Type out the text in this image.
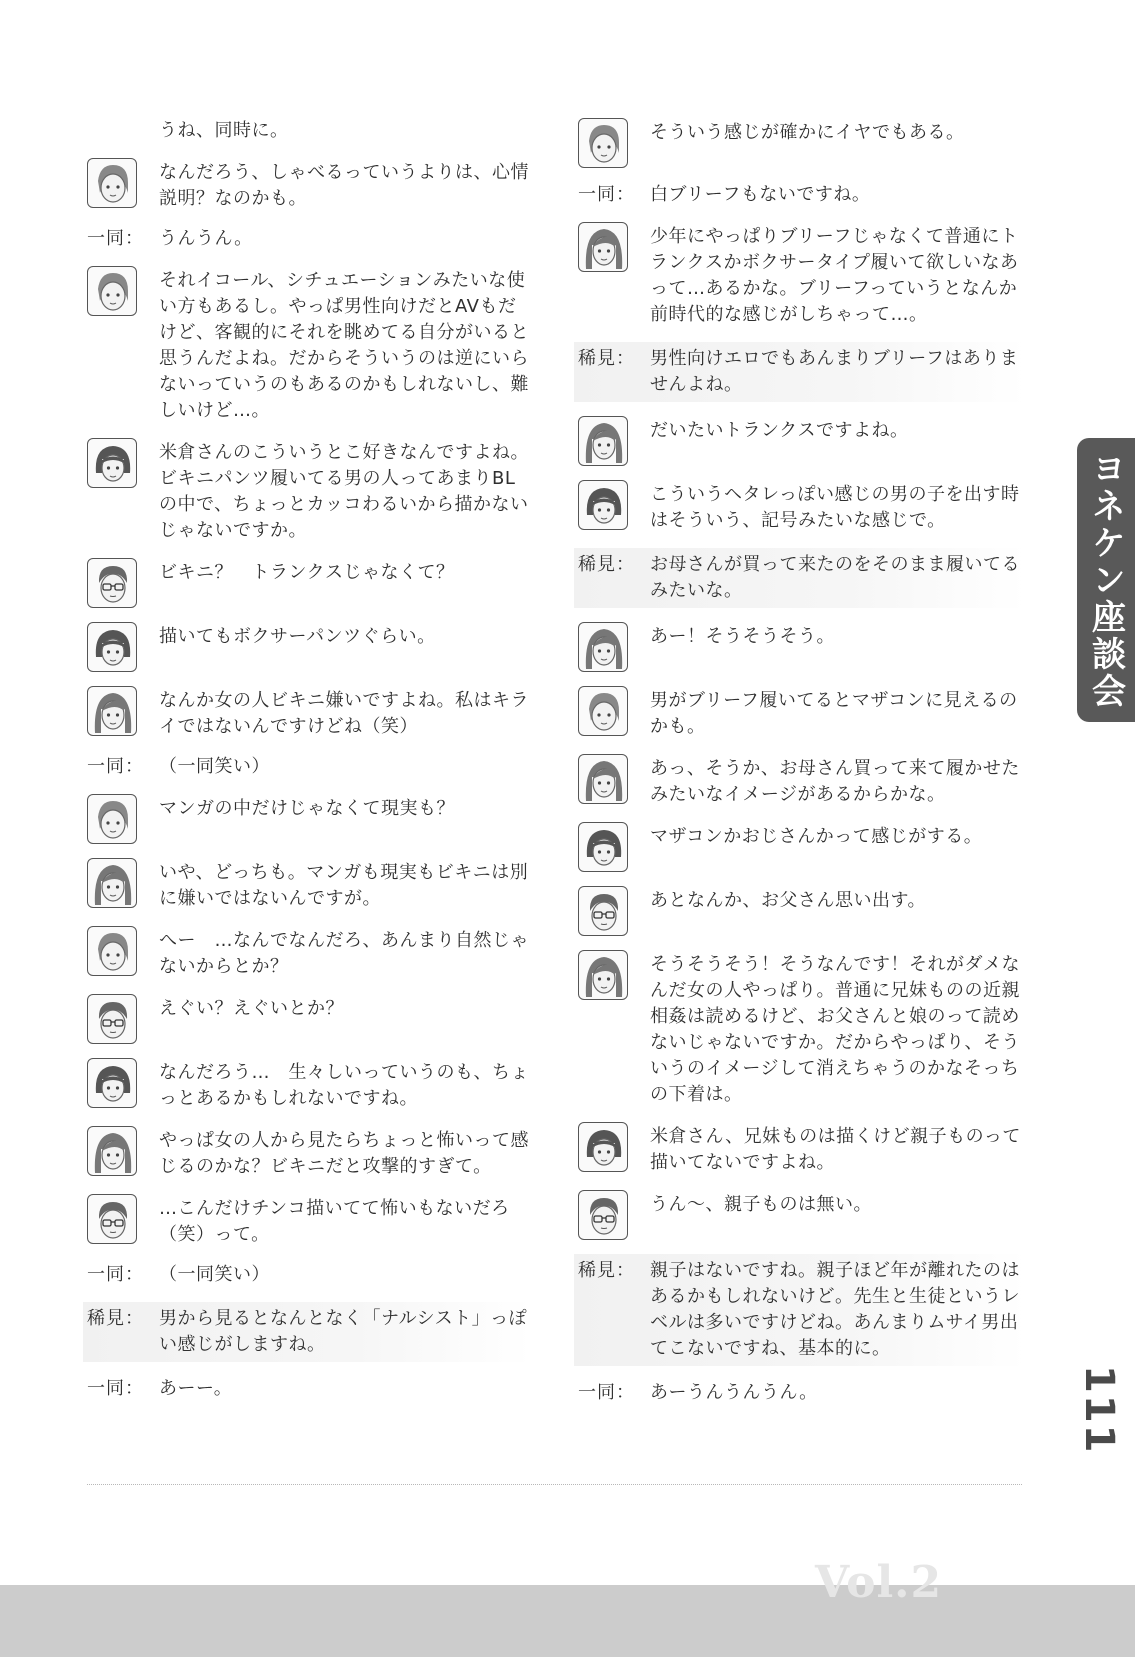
うね、同時に。
なんだろう、しゃべるっていうよりは、心情説明？なのかも。
一同： うんうん。
それイコール、シチュエーションみたいな使い方もあるし。やっぱ男性向けだとAVもだけど、客観的にそれを眺めてる自分がいると思うんだよね。だからそういうのは逆にいらないっていうのもあるのかもしれないし、難しいけど…。
米倉さんのこういうとこ好きなんですよね。ビキニパンツ履いてる男の人ってあまりBLの中で、ちょっとカッコわるいから描かないじゃないですか。
ビキニ？　トランクスじゃなくて？
描いてもボクサーパンツぐらい。
なんか女の人ビキニ嫌いですよね。私はキライではないんですけどね（笑）
一同： （一同笑い）
マンガの中だけじゃなくて現実も？
いや、どっちも。マンガも現実もビキニは別に嫌いではないんですが。
へー　…なんでなんだろ、あんまり自然じゃないからとか？
えぐい？えぐいとか？
なんだろう…　生々しいっていうのも、ちょっとあるかもしれないですね。
やっぱ女の人から見たらちょっと怖いって感じるのかな？ビキニだと攻撃的すぎて。
…こんだけチンコ描いてて怖いもないだろ（笑）って。
一同： （一同笑い）
稀見： 男から見るとなんとなく「ナルシスト」っぽい感じがしますね。
一同： あーー。
そういう感じが確かにイヤでもある。
一同： 白ブリーフもないですね。
少年にやっぱりブリーフじゃなくて普通にトランクスかボクサータイプ履いて欲しいなあって…あるかな。ブリーフっていうとなんか前時代的な感じがしちゃって…。
稀見： 男性向けエロでもあんまりブリーフはありませんよね。
だいたいトランクスですよね。
こういうヘタレっぽい感じの男の子を出す時はそういう、記号みたいな感じで。
稀見： お母さんが買って来たのをそのまま履いてるみたいな。
あー！そうそうそう。
男がブリーフ履いてるとマザコンに見えるのかも。
あっ、そうか、お母さん買って来て履かせたみたいなイメージがあるからかな。
マザコンかおじさんかって感じがする。
あとなんか、お父さん思い出す。
そうそうそう！そうなんです！それがダメなんだ女の人やっぱり。普通に兄妹ものの近親相姦は読めるけど、お父さんと娘のって読めないじゃないですか。だからやっぱり、そういうのイメージして消えちゃうのかなそっちの下着は。
米倉さん、兄妹ものは描くけど親子ものって描いてないですよね。
うん～、親子ものは無い。
稀見： 親子はないですね。親子ほど年が離れたのはあるかもしれないけど。先生と生徒というレベルは多いですけどね。あんまりムサイ男出てこないですね、基本的に。
一同： あーうんうんうん。
ヨネケン座談会
111
Vol.2
